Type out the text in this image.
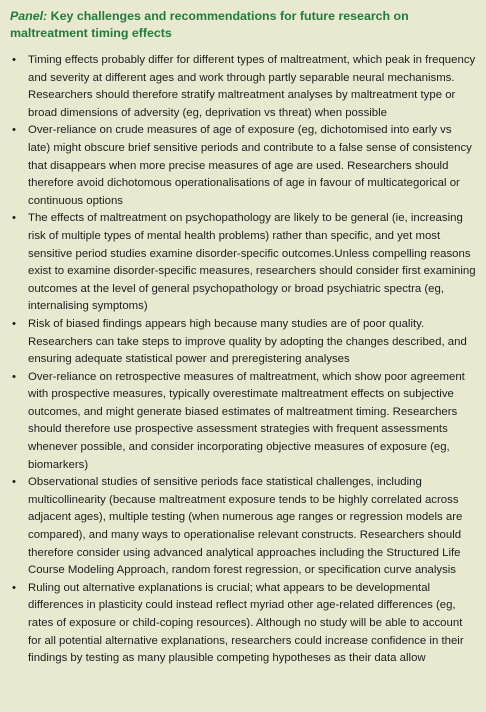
Panel: Key challenges and recommendations for future research on maltreatment timing effects

• Timing effects probably differ for different types of maltreatment, which peak in frequency and severity at different ages and work through partly separable neural mechanisms. Researchers should therefore stratify maltreatment analyses by maltreatment type or broad dimensions of adversity (eg, deprivation vs threat) when possible
• Over-reliance on crude measures of age of exposure (eg, dichotomised into early vs late) might obscure brief sensitive periods and contribute to a false sense of consistency that disappears when more precise measures of age are used. Researchers should therefore avoid dichotomous operationalisations of age in favour of multicategorical or continuous options
• The effects of maltreatment on psychopathology are likely to be general (ie, increasing risk of multiple types of mental health problems) rather than specific, and yet most sensitive period studies examine disorder-specific outcomes.Unless compelling reasons exist to examine disorder-specific measures, researchers should consider first examining outcomes at the level of general psychopathology or broad psychiatric spectra (eg, internalising symptoms)
• Risk of biased findings appears high because many studies are of poor quality. Researchers can take steps to improve quality by adopting the changes described, and ensuring adequate statistical power and preregistering analyses
• Over-reliance on retrospective measures of maltreatment, which show poor agreement with prospective measures, typically overestimate maltreatment effects on subjective outcomes, and might generate biased estimates of maltreatment timing. Researchers should therefore use prospective assessment strategies with frequent assessments whenever possible, and consider incorporating objective measures of exposure (eg, biomarkers)
• Observational studies of sensitive periods face statistical challenges, including multicollinearity (because maltreatment exposure tends to be highly correlated across adjacent ages), multiple testing (when numerous age ranges or regression models are compared), and many ways to operationalise relevant constructs. Researchers should therefore consider using advanced analytical approaches including the Structured Life Course Modeling Approach, random forest regression, or specification curve analysis
• Ruling out alternative explanations is crucial; what appears to be developmental differences in plasticity could instead reflect myriad other age-related differences (eg, rates of exposure or child-coping resources). Although no study will be able to account for all potential alternative explanations, researchers could increase confidence in their findings by testing as many plausible competing hypotheses as their data allow
